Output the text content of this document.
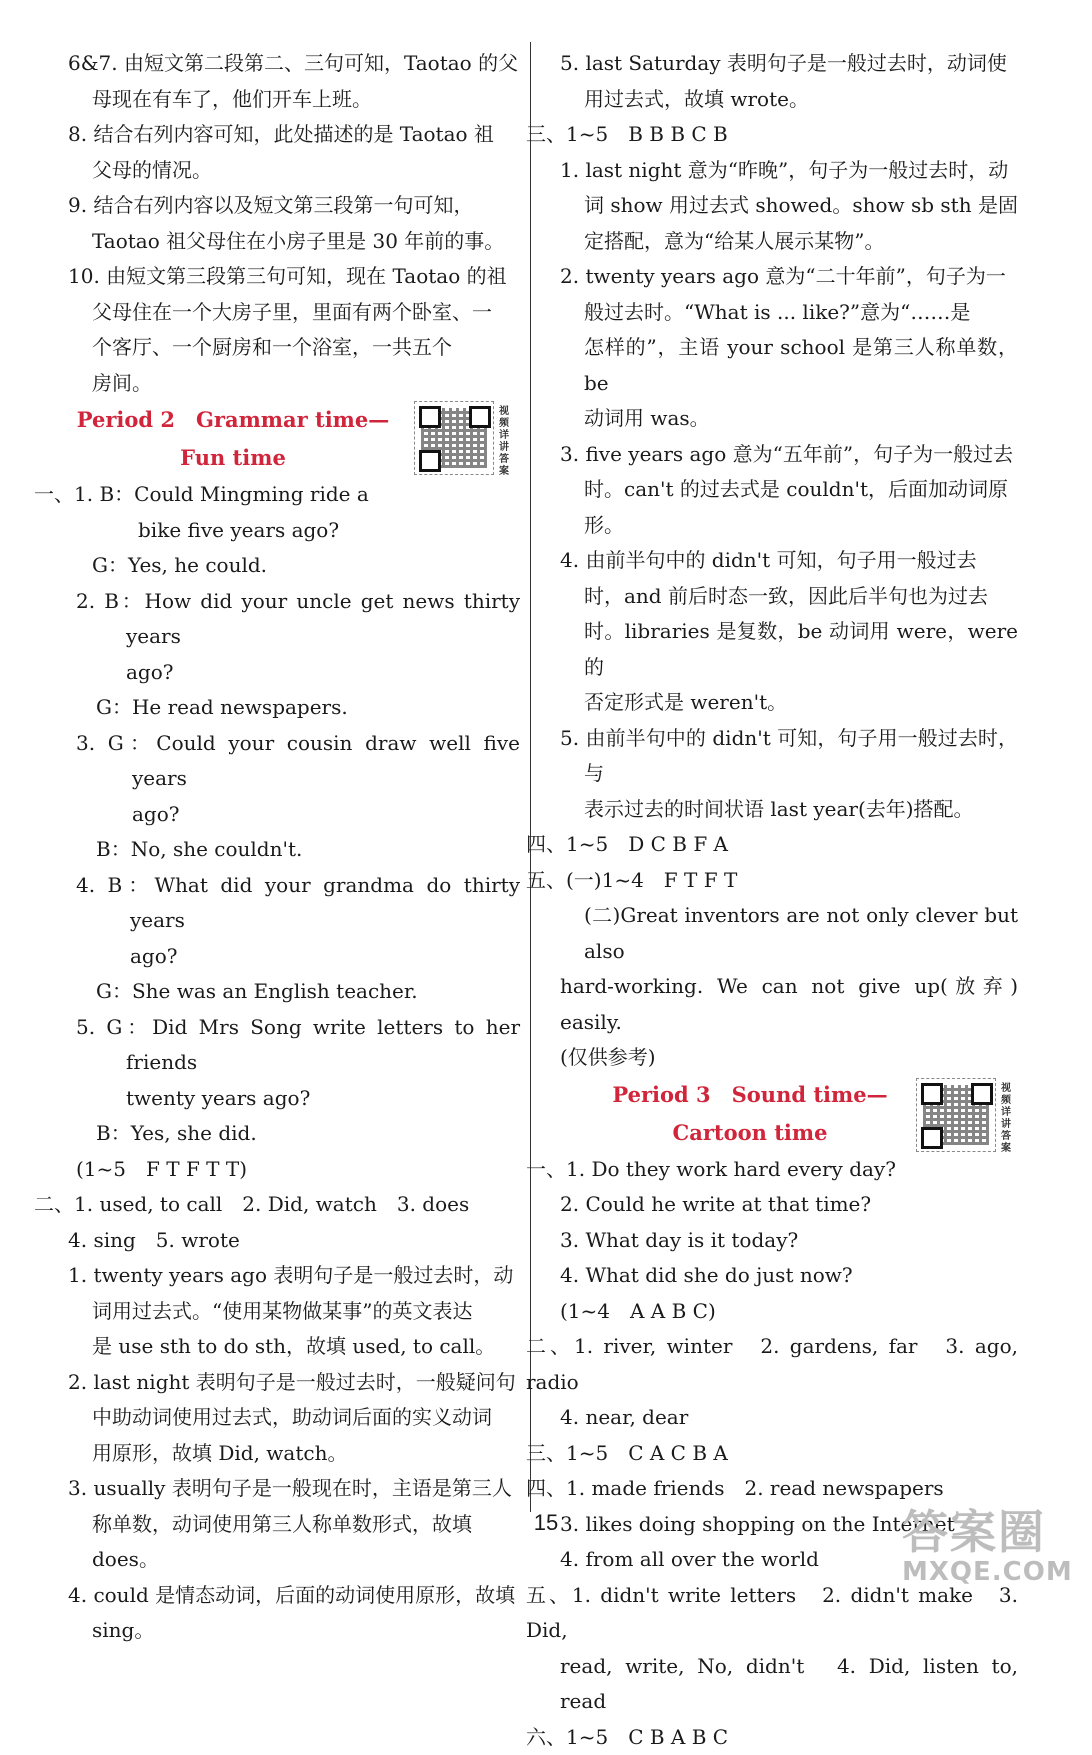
6&7. 由短文第二段第二、三句可知，Taotao 的父
母现在有车了，他们开车上班。

8. 结合右列内容可知，此处描述的是 Taotao 祖
父母的情况。

9. 结合右列内容以及短文第三段第一句可知，
Taotao 祖父母住在小房子里是 30 年前的事。

10. 由短文第三段第三句可知，现在 Taotao 的祖
父母住在一个大房子里，里面有两个卧室、一
个客厅、一个厨房和一个浴室，一共五个
房间。

Period 2　Grammar time—
Fun time
视频详讲答案

一、1. B：Could Mingming ride a

bike five years ago?

G：Yes, he could.

2. B：How did your uncle get news thirty years
ago?

G：He read newspapers.

3. G：Could your cousin draw well five years
ago?

B：No, she couldn't.

4. B：What did your grandma do thirty years
ago?

G：She was an English teacher.

5. G：Did Mrs Song write letters to her friends
twenty years ago?

B：Yes, she did.

(1~5　F T F T T)

二、1. used, to call　2. Did, watch　3. does

4. sing　5. wrote

1. twenty years ago 表明句子是一般过去时，动
词用过去式。“使用某物做某事”的英文表达
是 use sth to do sth，故填 used, to call。

2. last night 表明句子是一般过去时，一般疑问句
中助动词使用过去式，助动词后面的实义动词
用原形，故填 Did, watch。

3. usually 表明句子是一般现在时，主语是第三人
称单数，动词使用第三人称单数形式，故填
does。

4. could 是情态动词，后面的动词使用原形，故填
sing。

5. last Saturday 表明句子是一般过去时，动词使
用过去式，故填 wrote。

三、1~5　B B B C B

1. last night 意为“昨晚”，句子为一般过去时，动
词 show 用过去式 showed。show sb sth 是固
定搭配，意为“给某人展示某物”。

2. twenty years ago 意为“二十年前”，句子为一
般过去时。“What is ... like?”意为“……是
怎样的”，主语 your school 是第三人称单数，be
动词用 was。

3. five years ago 意为“五年前”，句子为一般过去
时。can't 的过去式是 couldn't，后面加动词原
形。

4. 由前半句中的 didn't 可知，句子用一般过去
时，and 前后时态一致，因此后半句也为过去
时。libraries 是复数，be 动词用 were，were 的
否定形式是 weren't。

5. 由前半句中的 didn't 可知，句子用一般过去时，与
表示过去的时间状语 last year(去年)搭配。

四、1~5　D C B F A

五、(一)1~4　F T F T

(二)Great inventors are not only clever but also

hard-working. We can not give up(放弃) easily.

(仅供参考)

Period 3　Sound time—
Cartoon time
视频详讲答案

一、1. Do they work hard every day?

2. Could he write at that time?

3. What day is it today?

4. What did she do just now?

(1~4　A A B C)

二、1. river, winter　2. gardens, far　3. ago, radio

4. near, dear

三、1~5　C A C B A

四、1. made friends　2. read newspapers

3. likes doing shopping on the Internet

4. from all over the world

五、1. didn't write letters　2. didn't make　3. Did,

read, write, No, didn't　4. Did, listen to, read

六、1~5　C B A B C

15	答案圈
MXQE.COM
